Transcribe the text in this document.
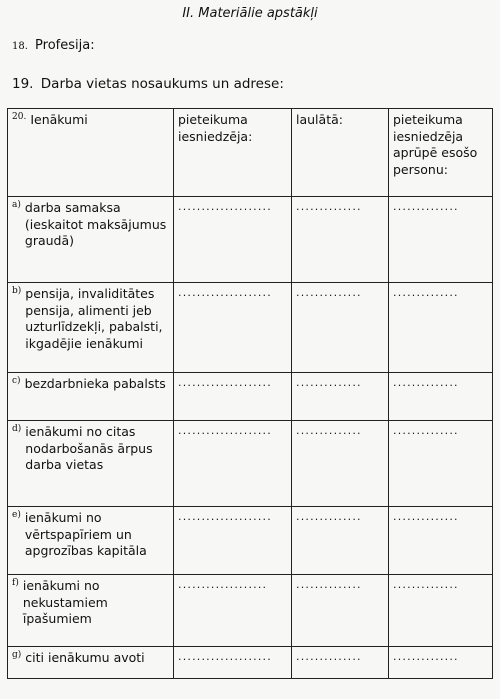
II. Materiālie apstākļi
18. Profesija:
19. Darba vietas nosaukums un adrese:
20. Ienākumi	pieteikuma iesniedzēja:	laulātā:	pieteikuma iesniedzēja aprūpē esošo personu:

a) darba samaksa (ieskaitot maksājumus graudā)	....................	..............	..............

b) pensija, invaliditātes pensija, alimenti jeb uzturlīdzekļi, pabalsti, ikgadējie ienākumi	....................	..............	..............

c) bezdarbnieka pabalsts	....................	..............	..............

d) ienākumi no citas nodarbošanās ārpus darba vietas	....................	..............	..............

e) ienākumi no vērtspapīriem un apgrozības kapitāla	....................	..............	..............

f) ienākumi no nekustamiem īpašumiem	...................	..............	..............

g) citi ienākumu avoti	....................	..............	..............
